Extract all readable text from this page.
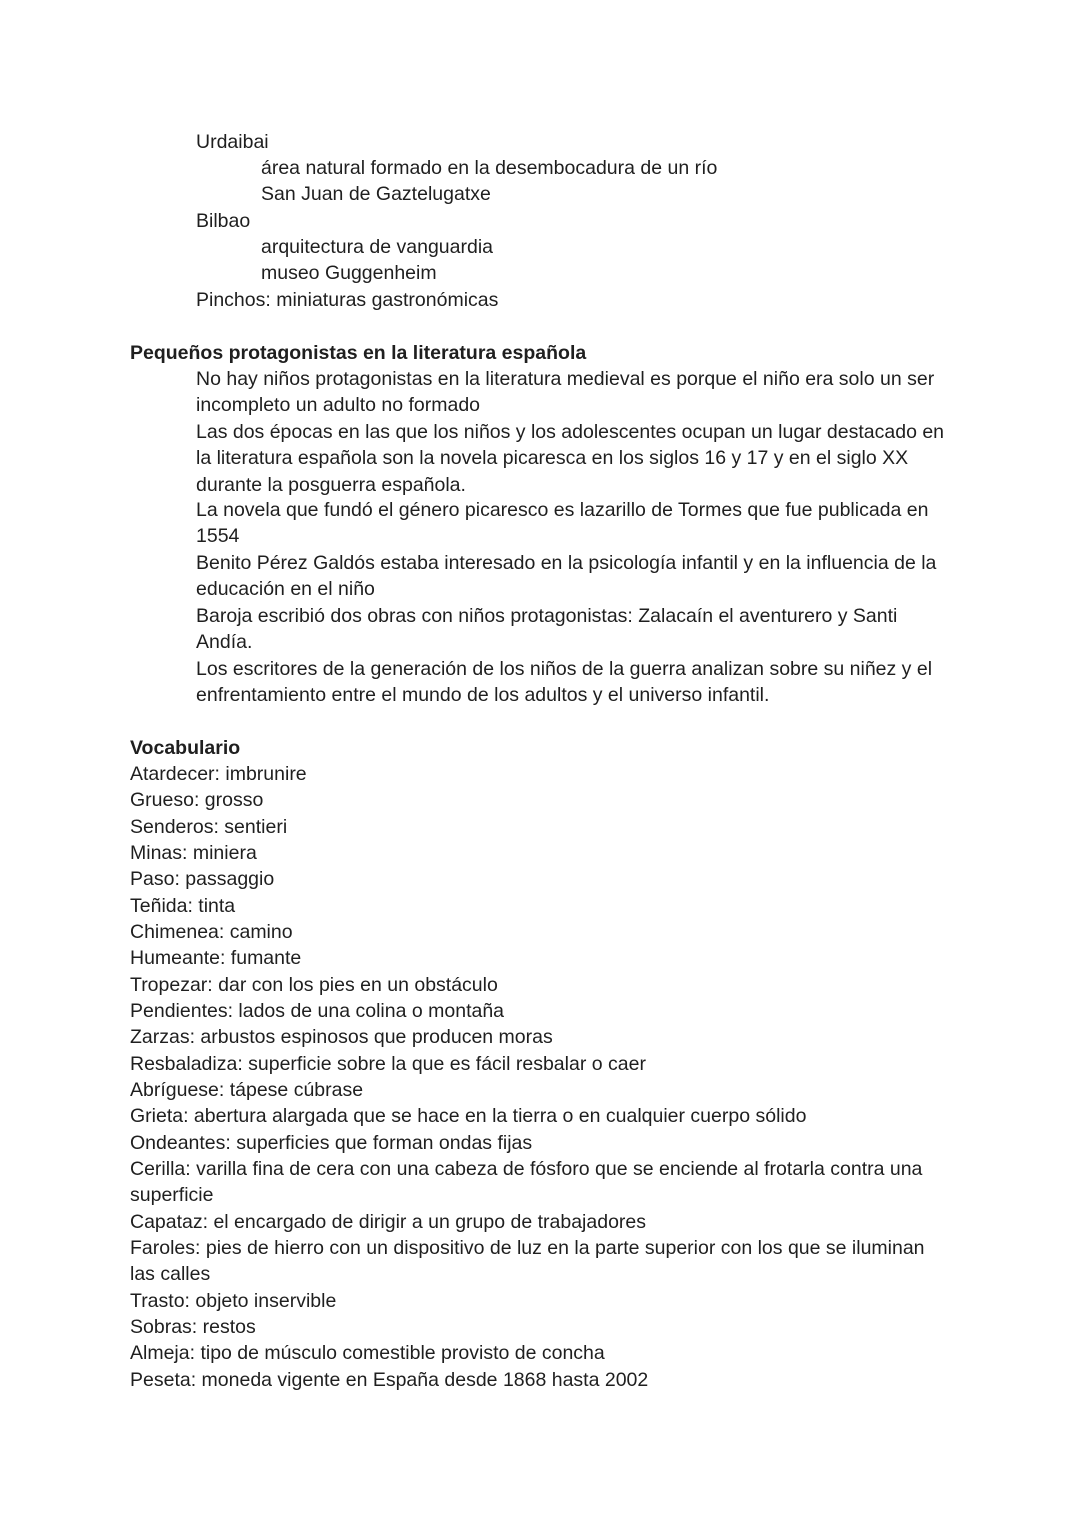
Urdaibai
área natural formado en la desembocadura de un río
San Juan de Gaztelugatxe
Bilbao
arquitectura de vanguardia
museo Guggenheim
Pinchos: miniaturas gastronómicas
Pequeños protagonistas en la literatura española
No hay niños protagonistas en la literatura medieval es porque el niño era solo un ser incompleto un adulto no formado
Las dos épocas en las que los niños y los adolescentes ocupan un lugar destacado en la literatura española son la novela picaresca en los siglos 16 y 17 y en el siglo XX durante la posguerra española.
La novela que fundó el género picaresco es lazarillo de Tormes que fue publicada en 1554
Benito Pérez Galdós estaba interesado en la psicología infantil y en la influencia de la educación en el niño
Baroja escribió dos obras con niños protagonistas: Zalacaín el aventurero y Santi Andía.
Los escritores de la generación de los niños de la guerra analizan sobre su niñez y el enfrentamiento entre el mundo de los adultos y el universo infantil.
Vocabulario
Atardecer: imbrunire
Grueso: grosso
Senderos: sentieri
Minas: miniera
Paso: passaggio
Teñida: tinta
Chimenea: camino
Humeante: fumante
Tropezar: dar con los pies en un obstáculo
Pendientes: lados de una colina o montaña
Zarzas: arbustos espinosos que producen moras
Resbaladiza: superficie sobre la que es fácil resbalar o caer
Abríguese: tápese cúbrase
Grieta: abertura alargada que se hace en la tierra o en cualquier cuerpo sólido
Ondeantes: superficies que forman ondas fijas
Cerilla: varilla fina de cera con una cabeza de fósforo que se enciende al frotarla contra una
superficie
Capataz: el encargado de dirigir a un grupo de trabajadores
Faroles: pies de hierro con un dispositivo de luz en la parte superior con los que se iluminan
las calles
Trasto: objeto inservible
Sobras: restos
Almeja: tipo de músculo comestible provisto de concha
Peseta: moneda vigente en España desde 1868 hasta 2002
